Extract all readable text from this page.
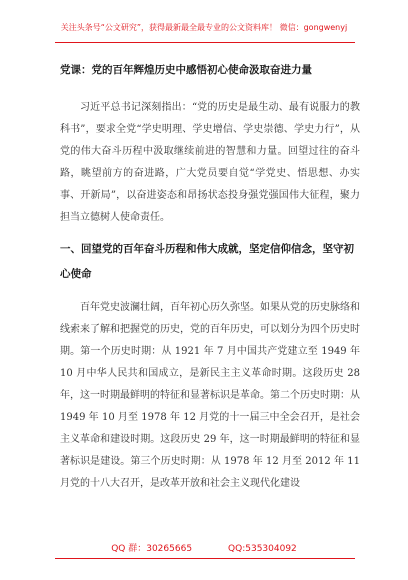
关注头条号“公文研究”，获得最新最全最专业的公文资料库！ 微信：gongwenyj
党课：党的百年辉煌历史中感悟初心使命汲取奋进力量

习近平总书记深刻指出：“党的历史是最生动、最有说服力的教科书”，要求全党“学史明理、学史增信、学史崇德、学史力行”，从党的伟大奋斗历程中汲取继续前进的智慧和力量。回望过往的奋斗路，眺望前方的奋进路，广大党员要自觉“学党史、悟思想、办实事、开新局”，以奋进姿态和昂扬状态投身强党强国伟大征程，聚力担当立德树人使命责任。

一、回望党的百年奋斗历程和伟大成就，坚定信仰信念，坚守初心使命

百年党史波澜壮阔，百年初心历久弥坚。如果从党的历史脉络和线索来了解和把握党的历史，党的百年历史，可以划分为四个历史时期。第一个历史时期：从 1921 年 7 月中国共产党建立至 1949 年 10 月中华人民共和国成立，是新民主主义革命时期。这段历史 28 年，这一时期最鲜明的特征和显著标识是革命。第二个历史时期：从 1949 年 10 月至 1978 年 12 月党的十一届三中全会召开，是社会主义革命和建设时期。这段历史 29 年，这一时期最鲜明的特征和显著标识是建设。第三个历史时期：从 1978 年 12 月至 2012 年 11 月党的十八大召开，是改革开放和社会主义现代化建设

QQ 群：30265665	QQ:535304092
